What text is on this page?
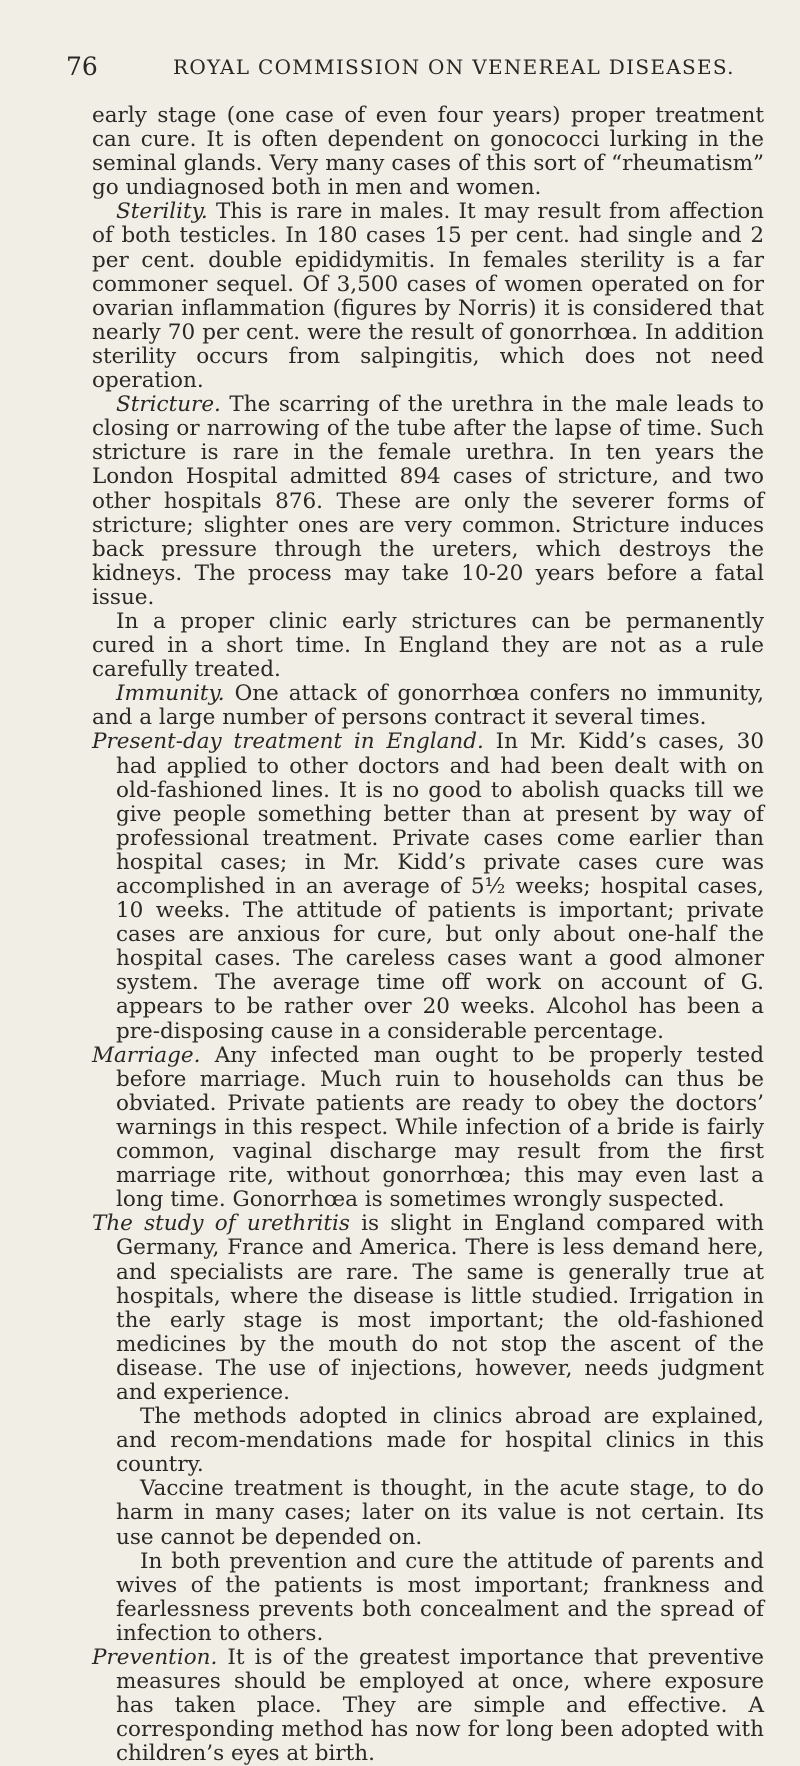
76	ROYAL COMMISSION ON VENEREAL DISEASES.

early stage (one case of even four years) proper treatment can cure. It is often dependent on gonococci lurking in the seminal glands. Very many cases of this sort of “rheumatism” go undiagnosed both in men and women.

Sterility. This is rare in males. It may result from affection of both testicles. In 180 cases 15 per cent. had single and 2 per cent. double epididymitis. In females sterility is a far commoner sequel. Of 3,500 cases of women operated on for ovarian inflammation (figures by Norris) it is considered that nearly 70 per cent. were the result of gonorrhœa. In addition sterility occurs from salpingitis, which does not need operation.

Stricture. The scarring of the urethra in the male leads to closing or narrowing of the tube after the lapse of time. Such stricture is rare in the female urethra. In ten years the London Hospital admitted 894 cases of stricture, and two other hospitals 876. These are only the severer forms of stricture; slighter ones are very common. Stricture induces back pressure through the ureters, which destroys the kidneys. The process may take 10-20 years before a fatal issue.

In a proper clinic early strictures can be permanently cured in a short time. In England they are not as a rule carefully treated.

Immunity. One attack of gonorrhœa confers no immunity, and a large number of persons contract it several times.

Present-day treatment in England. In Mr. Kidd’s cases, 30 had applied to other doctors and had been dealt with on old-fashioned lines. It is no good to abolish quacks till we give people something better than at present by way of professional treatment. Private cases come earlier than hospital cases; in Mr. Kidd’s private cases cure was accomplished in an average of 5½ weeks; hospital cases, 10 weeks. The attitude of patients is important; private cases are anxious for cure, but only about one-half the hospital cases. The careless cases want a good almoner system. The average time off work on account of G. appears to be rather over 20 weeks. Alcohol has been a pre-disposing cause in a considerable percentage.

Marriage. Any infected man ought to be properly tested before marriage. Much ruin to households can thus be obviated. Private patients are ready to obey the doctors’ warnings in this respect. While infection of a bride is fairly common, vaginal discharge may result from the first marriage rite, without gonorrhœa; this may even last a long time. Gonorrhœa is sometimes wrongly suspected.

The study of urethritis is slight in England compared with Germany, France and America. There is less demand here, and specialists are rare. The same is generally true at hospitals, where the disease is little studied. Irrigation in the early stage is most important; the old-fashioned medicines by the mouth do not stop the ascent of the disease. The use of injections, however, needs judgment and experience.

The methods adopted in clinics abroad are explained, and recom-mendations made for hospital clinics in this country.

Vaccine treatment is thought, in the acute stage, to do harm in many cases; later on its value is not certain. Its use cannot be depended on.

In both prevention and cure the attitude of parents and wives of the patients is most important; frankness and fearlessness prevents both concealment and the spread of infection to others.

Prevention. It is of the greatest importance that preventive measures should be employed at once, where exposure has taken place. They are simple and effective. A corresponding method has now for long been adopted with children’s eyes at birth.
